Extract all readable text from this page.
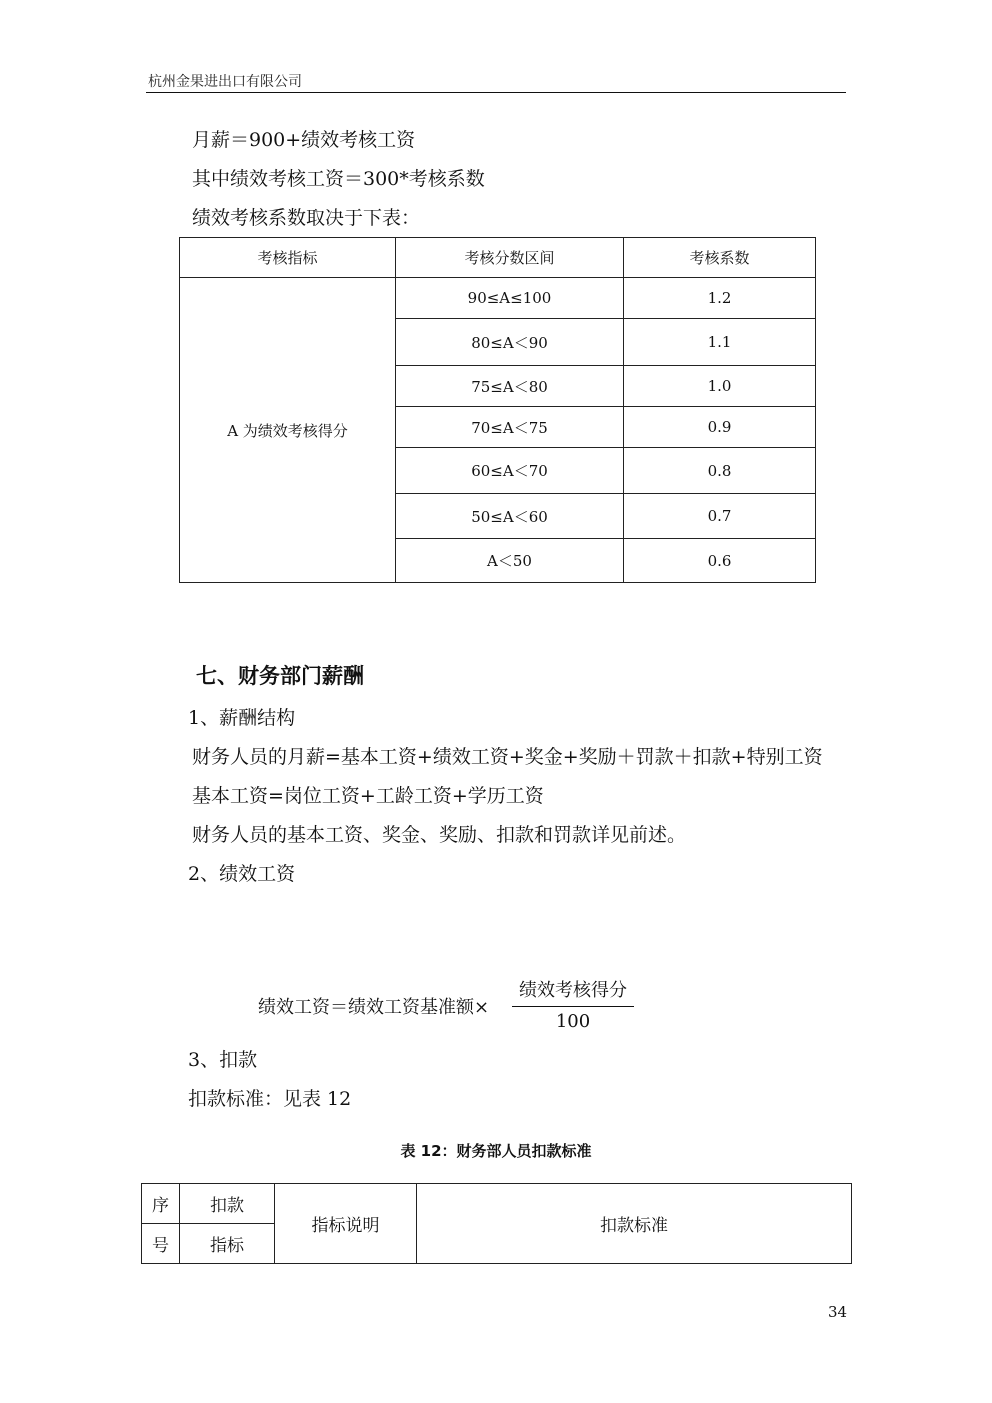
杭州金果进出口有限公司
月薪＝900+绩效考核工资
其中绩效考核工资＝300*考核系数
绩效考核系数取决于下表：
考核指标	考核分数区间	考核系数
A 为绩效考核得分	90≤A≤100	1.2
	80≤A＜90	1.1
	75≤A＜80	1.0
	70≤A＜75	0.9
	60≤A＜70	0.8
	50≤A＜60	0.7
	A＜50	0.6
七、财务部门薪酬
1、薪酬结构
财务人员的月薪=基本工资+绩效工资+奖金+奖励＋罚款＋扣款+特别工资
基本工资=岗位工资+工龄工资+学历工资
财务人员的基本工资、奖金、奖励、扣款和罚款详见前述。
2、绩效工资
绩效工资＝绩效工资基准额×
绩效考核得分
100
3、扣款
扣款标准：见表 12
表 12：财务部人员扣款标准
序	扣款	指标说明	扣款标准
号	指标		
34
